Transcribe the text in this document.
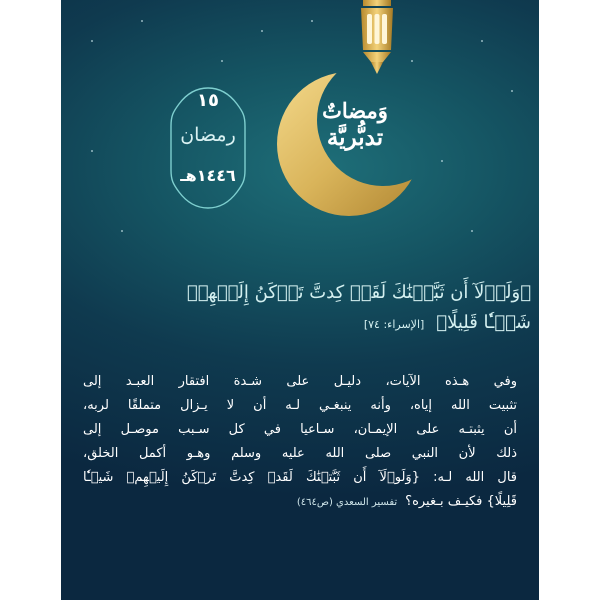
١٥
رمضان
١٤٤٦هـ
وَمضاتٌ
تدبُّريَّة
﴿وَلَوۡلَآ أَن ثَبَّتۡنَٰكَ لَقَدۡ كِدتَّ تَرۡكَنُ إِلَيۡهِمۡ
شَيۡـٔٗا قَلِيلًا﴾[الإسراء: ٧٤]
وفي هـذه الآيات، دليـل على شـدة افتقار العبـد إلى
تثبيت الله إياه، وأنه ينبغـي لـه أن لا يـزال متملقًا لربه،
أن يثبتـه على الإيمـان، سـاعيا في كل سـبب موصـل إلى
ذلك لأن النبي صلى الله عليه وسلم وهـو أكمل الخلق،
قال الله لـه: {وَلَوۡلَآ أَن ثَبَّتۡنَٰكَ لَقَدۡ كِدتَّ تَرۡكَنُ إِلَيۡهِمۡ شَيۡـٔٗا
قَلِيلًا} فكيـف بـغيره؟تفسير السعدي (ص٤٦٤)
